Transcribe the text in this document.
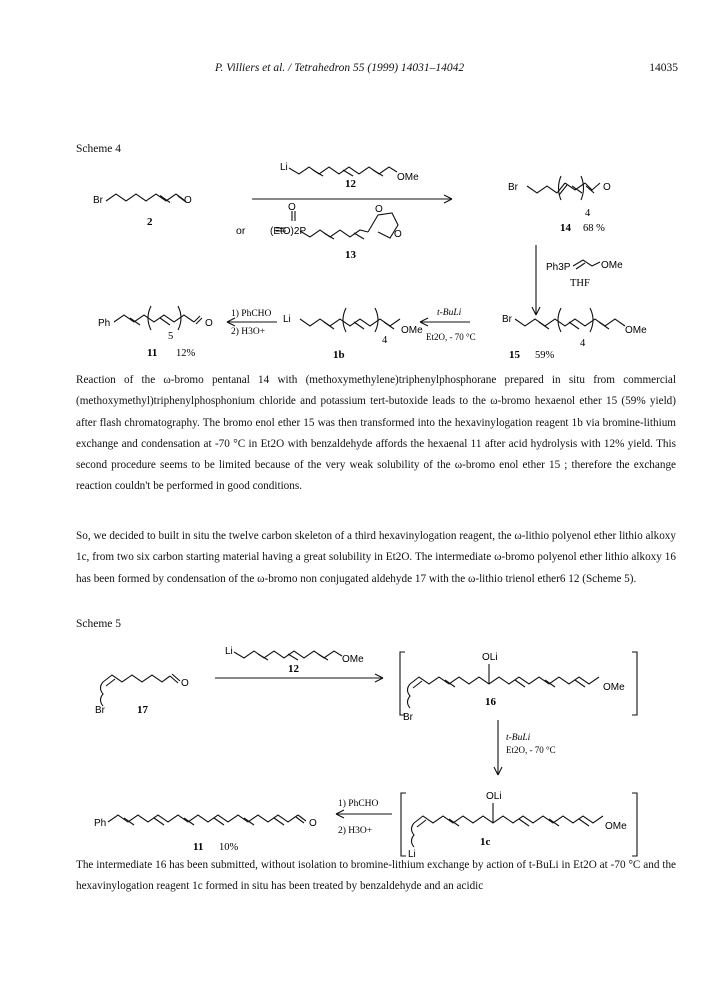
P. Villiers et al. / Tetrahedron 55 (1999) 14031–14042	14035
Scheme 4
Br	O
2
Li
OMe
12
or (EtO)2P
O	O
O
13
Br	O
4
14 68 %
Ph3P	OMe
THF
Br
OMe
4
15 59%
t-BuLi
Et2O, - 70 °C
Li
OMe
4
1b
1) PhCHO
2) H3O+
Ph	O
5
11 12%

Reaction of the ω-bromo pentanal 14 with (methoxymethylene)triphenylphosphorane prepared in situ from commercial (methoxymethyl)triphenylphosphonium chloride and potassium tert-butoxide leads to the ω-bromo hexaenol ether 15 (59% yield) after flash chromatography. The bromo enol ether 15 was then transformed into the hexavinylogation reagent 1b via bromine-lithium exchange and condensation at -70 °C in Et2O with benzaldehyde affords the hexaenal 11 after acid hydrolysis with 12% yield. This second procedure seems to be limited because of the very weak solubility of the ω-bromo enol ether 15 ; therefore the exchange reaction couldn't be performed in good conditions.

So, we decided to built in situ the twelve carbon skeleton of a third hexavinylogation reagent, the ω-lithio polyenol ether lithio alkoxy 1c, from two six carbon starting material having a great solubility in Et2O. The intermediate ω-bromo polyenol ether lithio alkoxy 16 has been formed by condensation of the ω-bromo non conjugated aldehyde 17 with the ω-lithio trienol ether6 12 (Scheme 5).

Scheme 5
Br
O
17
Li
OMe
12
OLi
OMe
Br
16
t-BuLi
Et2O, - 70 °C
OLi
OMe
Li
1c
1) PhCHO
2) H3O+
Ph	O
11 10%

The intermediate 16 has been submitted, without isolation to bromine-lithium exchange by action of t-BuLi in Et2O at -70 °C and the hexavinylogation reagent 1c formed in situ has been treated by benzaldehyde and an acidic
